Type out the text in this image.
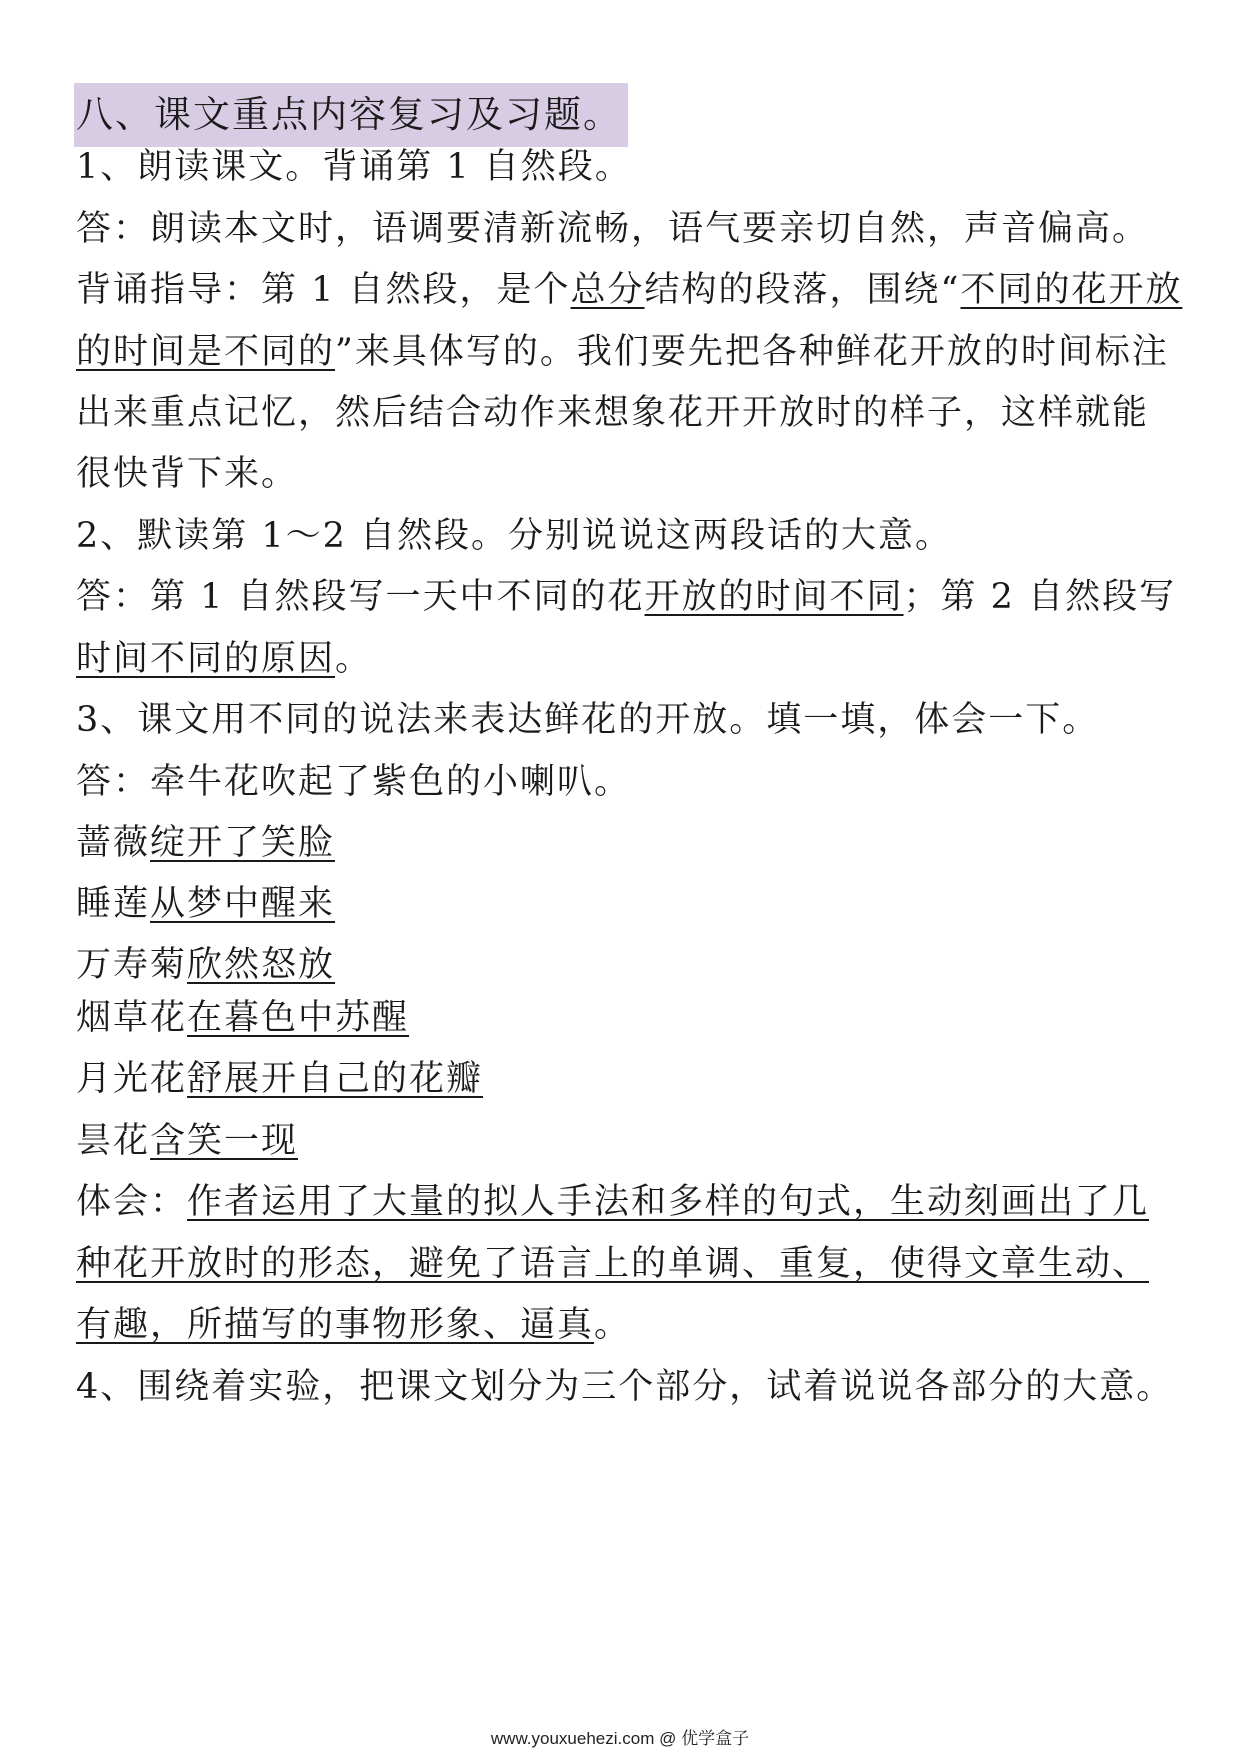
八、课文重点内容复习及习题。
1、朗读课文。背诵第 1 自然段。
答：朗读本文时，语调要清新流畅，语气要亲切自然，声音偏高。
背诵指导：第 1 自然段，是个总分结构的段落，围绕“不同的花开放
的时间是不同的”来具体写的。我们要先把各种鲜花开放的时间标注
出来重点记忆，然后结合动作来想象花开开放时的样子，这样就能
很快背下来。
2、默读第 1～2 自然段。分别说说这两段话的大意。
答：第 1 自然段写一天中不同的花开放的时间不同；第 2 自然段写
时间不同的原因。
3、课文用不同的说法来表达鲜花的开放。填一填，体会一下。
答：牵牛花吹起了紫色的小喇叭。
蔷薇绽开了笑脸
睡莲从梦中醒来
万寿菊欣然怒放
烟草花在暮色中苏醒
月光花舒展开自己的花瓣
昙花含笑一现
体会：作者运用了大量的拟人手法和多样的句式，生动刻画出了几
种花开放时的形态，避免了语言上的单调、重复，使得文章生动、
有趣，所描写的事物形象、逼真。
4、围绕着实验，把课文划分为三个部分，试着说说各部分的大意。
www.youxuehezi.com @ 优学盒子
